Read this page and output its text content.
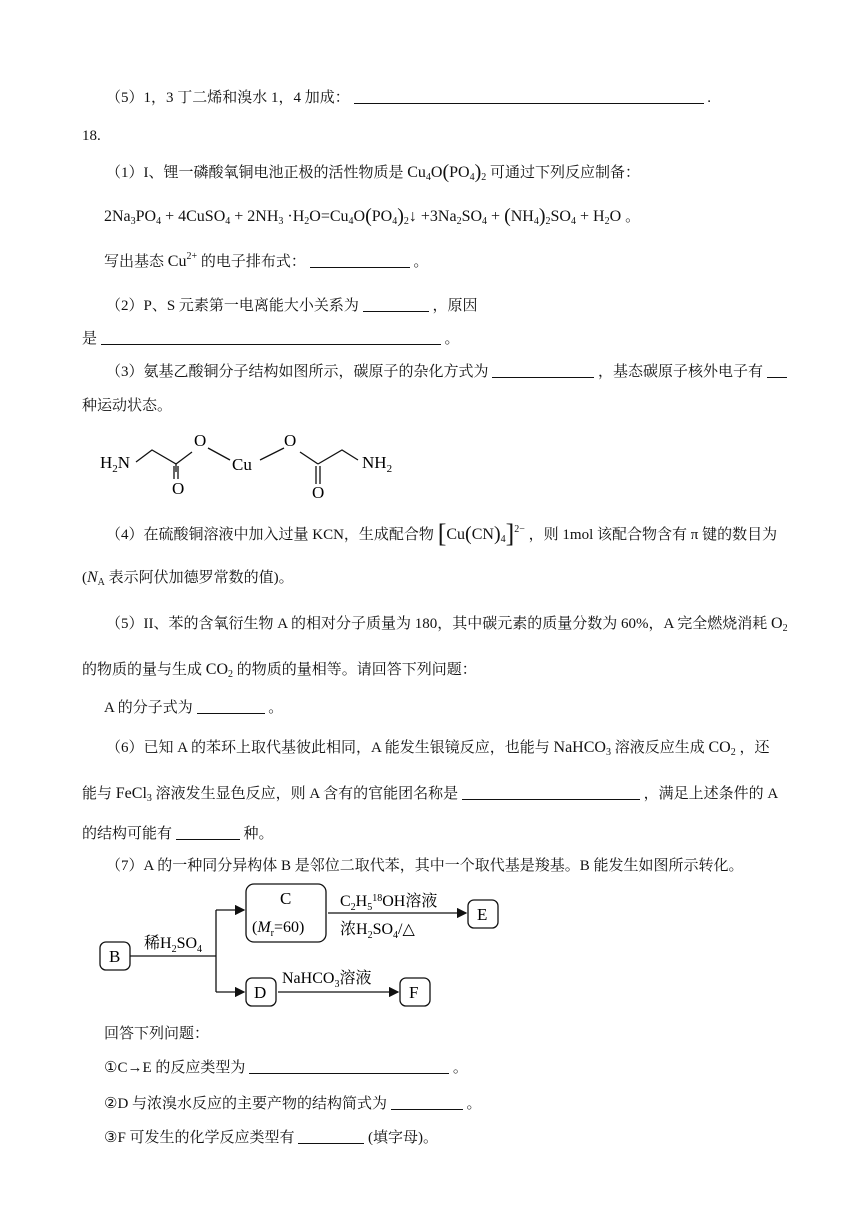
（5）1，3 丁二烯和溴水 1，4 加成：	.
18.
（1）I、锂一磷酸氧铜电池正极的活性物质是 $Cu_4O(PO_4)_2$ 可通过下列反应制备：
$2Na_3PO_4$ + 4CuSO$_4$ + $2NH_3$ $\cdot H_2O=Cu_4O(PO_4)_2↓ +3Na_2SO_4 + (NH_4)_2SO_4 + H_2O$ 。
写出基态 $Cu^{2+}$ 的电子排布式：	。
（2）P、S 元素第一电离能大小关系为	，原因
是	。
（3）氨基乙酸铜分子结构如图所示，碳原子的杂化方式为	，基态碳原子核外电子有
种运动状态。
$H_2N$
O
O
Cu
O
O
$NH_2$
（4）在硫酸铜溶液中加入过量 KCN，生成配合物 $[Cu(CN)_4]^{2-}$ ，则 1mol 该配合物含有 π 键的数目为
($N_A$ 表示阿伏加德罗常数的值)。
（5）II、苯的含氧衍生物 A 的相对分子质量为 180，其中碳元素的质量分数为 60%，A 完全燃烧消耗 $O_2$
的物质的量与生成 $CO_2$ 的物质的量相等。请回答下列问题：
A 的分子式为	。
（6）已知 A 的苯环上取代基彼此相同，A 能发生银镜反应，也能与 NaHCO$_3$ 溶液反应生成 $CO_2$ ，还
能与 FeCl$_3$ 溶液发生显色反应，则 A 含有的官能团名称是	，满足上述条件的 A
的结构可能有	种。
（7）A 的一种同分异构体 B 是邻位二取代苯，其中一个取代基是羧基。B 能发生如图所示转化。
B
稀$H_2SO_4$
C
$(M_r=60)$
$C_2H_5^{18}OH$溶液
浓$H_2SO_4/\triangle$
E
D
NaHCO$_3$溶液
F
回答下列问题：
①C→E 的反应类型为	。
②D 与浓溴水反应的主要产物的结构简式为	。
③F 可发生的化学反应类型有	(填字母)。
